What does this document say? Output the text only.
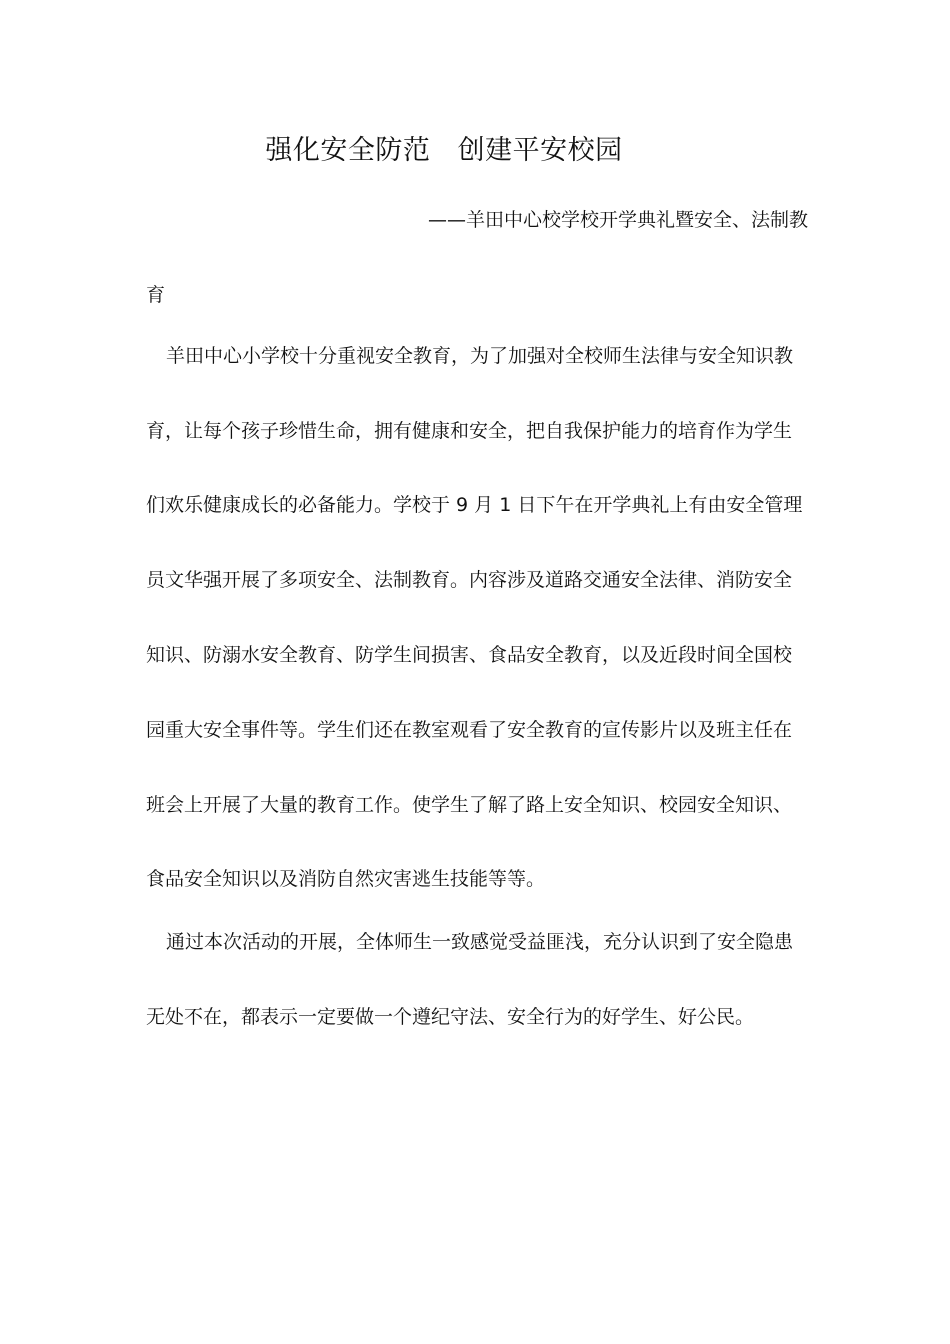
强化安全防范   创建平安校园
——羊田中心校学校开学典礼暨安全、法制教
育
羊田中心小学校十分重视安全教育，为了加强对全校师生法律与安全知识教
育，让每个孩子珍惜生命，拥有健康和安全，把自我保护能力的培育作为学生
们欢乐健康成长的必备能力。学校于 9 月 1 日下午在开学典礼上有由安全管理
员文华强开展了多项安全、法制教育。内容涉及道路交通安全法律、消防安全
知识、防溺水安全教育、防学生间损害、食品安全教育，以及近段时间全国校
园重大安全事件等。学生们还在教室观看了安全教育的宣传影片以及班主任在
班会上开展了大量的教育工作。使学生了解了路上安全知识、校园安全知识、
食品安全知识以及消防自然灾害逃生技能等等。
通过本次活动的开展，全体师生一致感觉受益匪浅，充分认识到了安全隐患
无处不在，都表示一定要做一个遵纪守法、安全行为的好学生、好公民。
